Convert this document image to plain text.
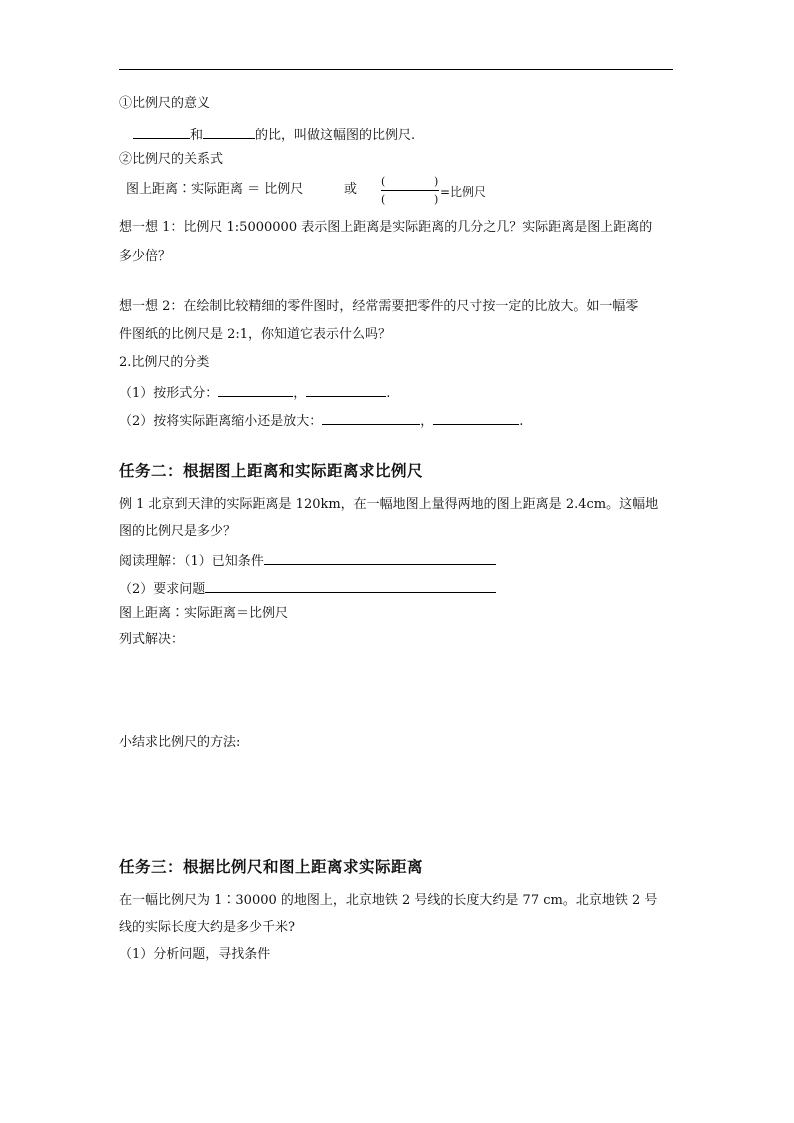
①比例尺的意义
和	的比，叫做这幅图的比例尺.
②比例尺的关系式
图上距离∶实际距离 ＝ 比例尺	或
(	)
(	)
=比例尺
想一想 1：比例尺 1:5000000 表示图上距离是实际距离的几分之几？实际距离是图上距离的
多少倍？
想一想 2：在绘制比较精细的零件图时，经常需要把零件的尺寸按一定的比放大。如一幅零
件图纸的比例尺是 2:1，你知道它表示什么吗？
2.比例尺的分类
（1）按形式分：	，	.
（2）按将实际距离缩小还是放大：	，	.
任务二：根据图上距离和实际距离求比例尺
例 1 北京到天津的实际距离是 120km，在一幅地图上量得两地的图上距离是 2.4cm。这幅地
图的比例尺是多少？
阅读理解：（1）已知条件
（2）要求问题
图上距离∶实际距离＝比例尺
列式解决：
小结求比例尺的方法:
任务三：根据比例尺和图上距离求实际距离
在一幅比例尺为 1∶30000 的地图上，北京地铁 2 号线的长度大约是 77 cm。北京地铁 2 号
线的实际长度大约是多少千米?
（1）分析问题，寻找条件
